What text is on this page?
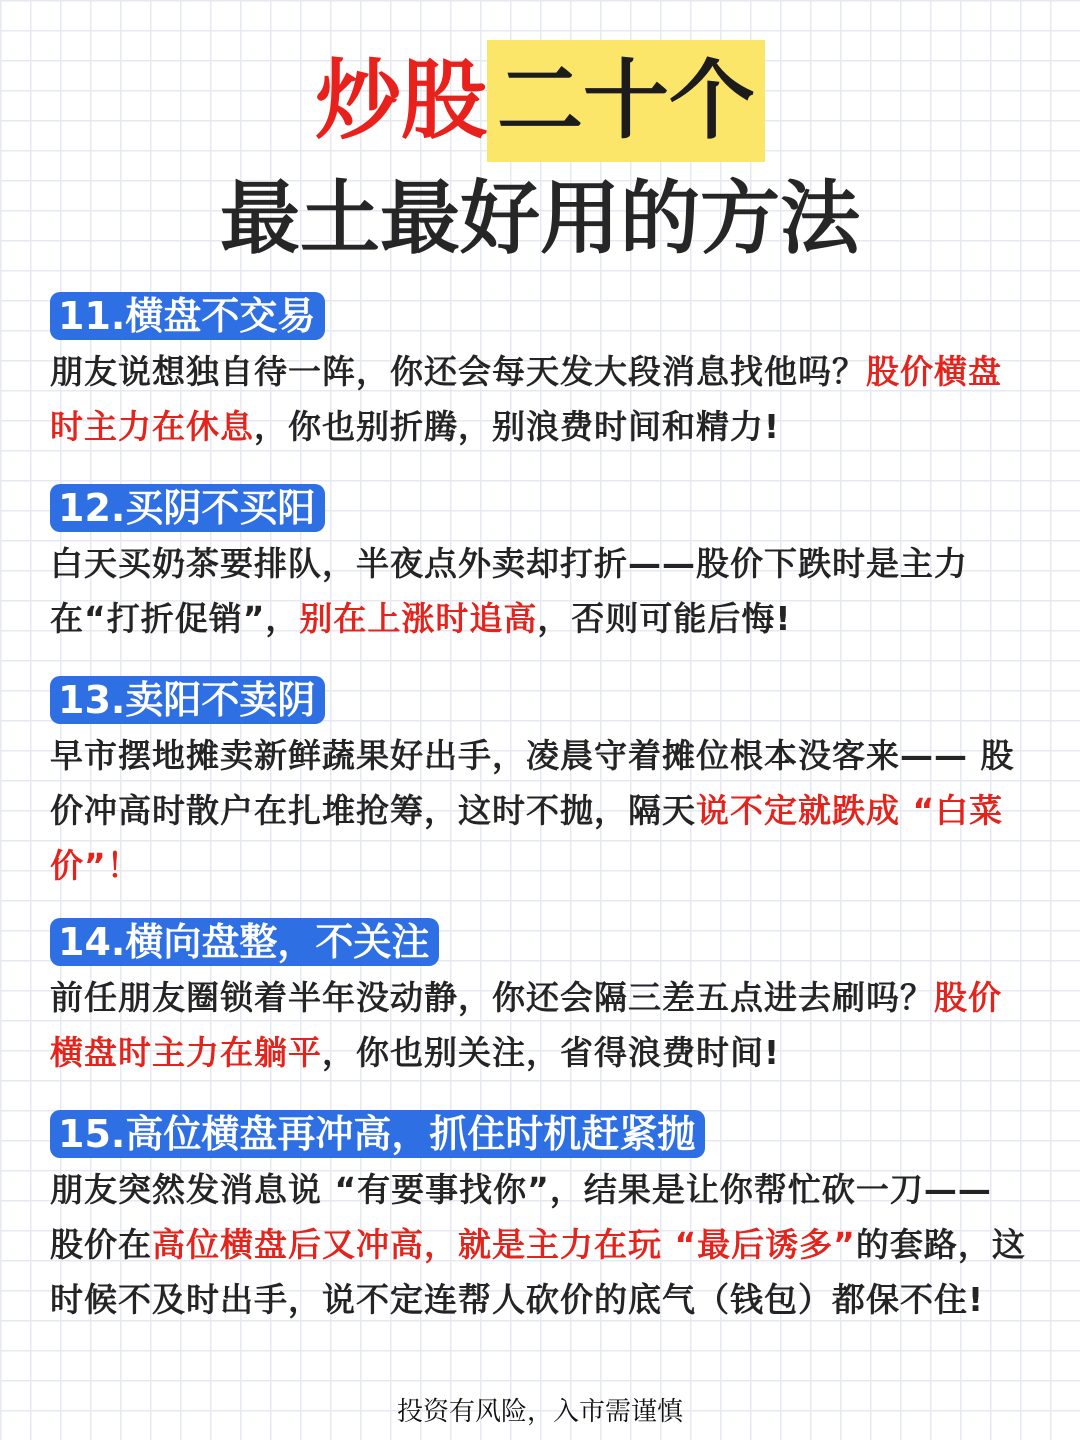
炒股 二十个
最土最好用的方法
11.横盘不交易
朋友说想独自待一阵，你还会每天发大段消息找他吗？股价横盘时主力在休息，你也别折腾，别浪费时间和精力!
12.买阴不买阳
白天买奶茶要排队，半夜点外卖却打折——股价下跌时是主力在“打折促销”，别在上涨时追高，否则可能后悔!
13.卖阳不卖阴
早市摆地摊卖新鲜蔬果好出手，凌晨守着摊位根本没客来—— 股价冲高时散户在扎堆抢筹，这时不抛，隔天说不定就跌成 “白菜价”！
14.横向盘整，不关注
前任朋友圈锁着半年没动静，你还会隔三差五点进去刷吗？股价横盘时主力在躺平，你也别关注，省得浪费时间!
15.高位横盘再冲高，抓住时机赶紧抛
朋友突然发消息说 “有要事找你”，结果是让你帮忙砍一刀—— 股价在高位横盘后又冲高，就是主力在玩 “最后诱多”的套路，这时候不及时出手，说不定连帮人砍价的底气（钱包）都保不住!
投资有风险，入市需谨慎
